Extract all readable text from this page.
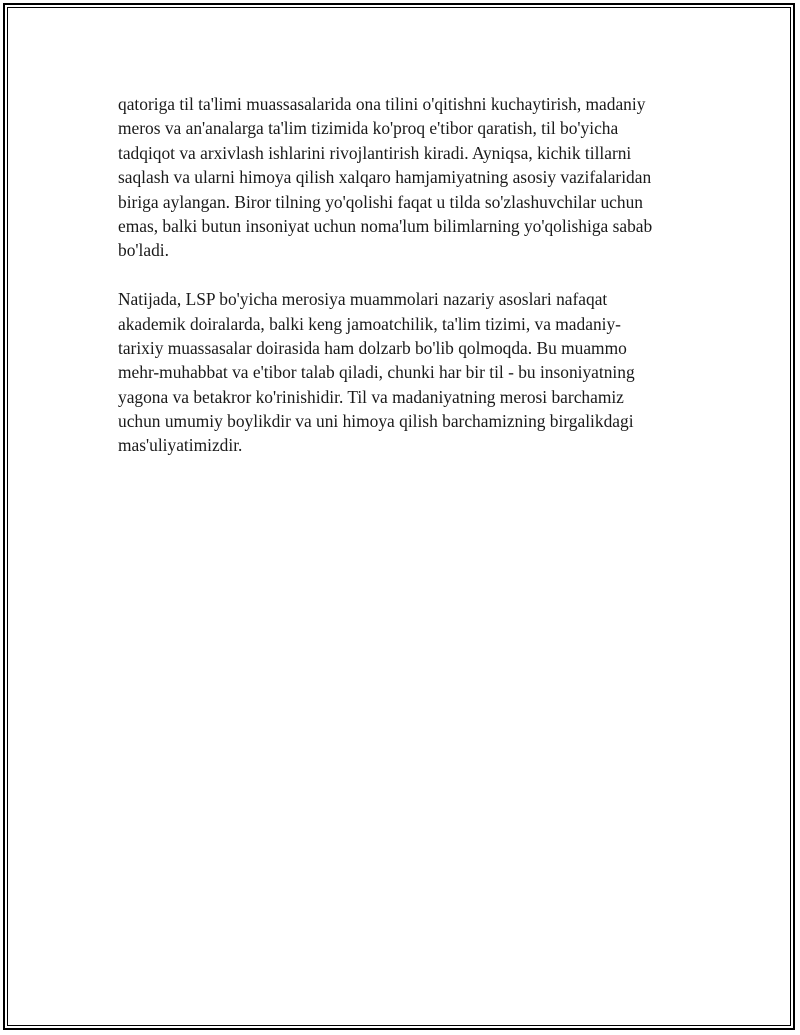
qatoriga til ta'limi muassasalarida ona tilini o'qitishni kuchaytirish, madaniy
meros va an'analarga ta'lim tizimida ko'proq e'tibor qaratish, til bo'yicha
tadqiqot va arxivlash ishlarini rivojlantirish kiradi. Ayniqsa, kichik tillarni
saqlash va ularni himoya qilish xalqaro hamjamiyatning asosiy vazifalaridan
biriga aylangan. Biror tilning yo'qolishi faqat u tilda so'zlashuvchilar uchun
emas, balki butun insoniyat uchun noma'lum bilimlarning yo'qolishiga sabab
bo'ladi.

Natijada, LSP bo'yicha merosiya muammolari nazariy asoslari nafaqat
akademik doiralarda, balki keng jamoatchilik, ta'lim tizimi, va madaniy-
tarixiy muassasalar doirasida ham dolzarb bo'lib qolmoqda. Bu muammo
mehr-muhabbat va e'tibor talab qiladi, chunki har bir til - bu insoniyatning
yagona va betakror ko'rinishidir. Til va madaniyatning merosi barchamiz
uchun umumiy boylikdir va uni himoya qilish barchamizning birgalikdagi
mas'uliyatimizdir.
